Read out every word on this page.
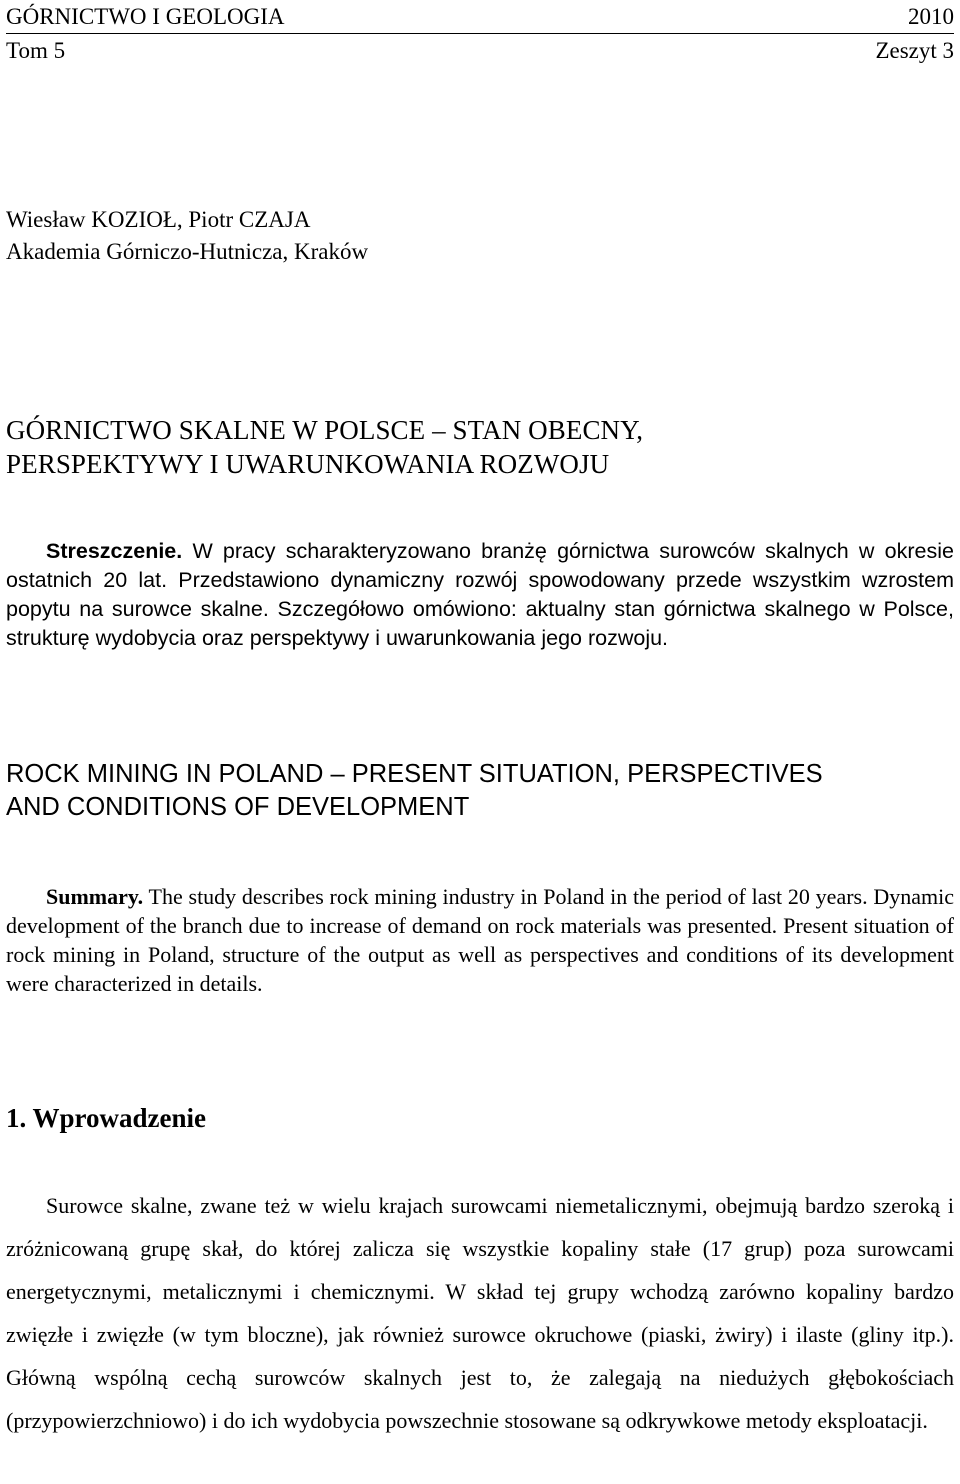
GÓRNICTWO I GEOLOGIA	2010
Tom 5	Zeszyt 3
Wiesław KOZIOŁ, Piotr CZAJA
Akademia Górniczo-Hutnicza, Kraków
GÓRNICTWO SKALNE W POLSCE – STAN OBECNY,
PERSPEKTYWY I UWARUNKOWANIA ROZWOJU
Streszczenie. W pracy scharakteryzowano branżę górnictwa surowców skalnych w okresie ostatnich 20 lat. Przedstawiono dynamiczny rozwój spowodowany przede wszystkim wzrostem popytu na surowce skalne. Szczegółowo omówiono: aktualny stan górnictwa skalnego w Polsce, strukturę wydobycia oraz perspektywy i uwarunkowania jego rozwoju.
ROCK MINING IN POLAND – PRESENT SITUATION, PERSPECTIVES
AND CONDITIONS OF DEVELOPMENT
Summary. The study describes rock mining industry in Poland in the period of last 20 years. Dynamic development of the branch due to increase of demand on rock materials was presented. Present situation of rock mining in Poland, structure of the output as well as perspectives and conditions of its development were characterized in details.
1. Wprowadzenie
Surowce skalne, zwane też w wielu krajach surowcami niemetalicznymi, obejmują bardzo szeroką i zróżnicowaną grupę skał, do której zalicza się wszystkie kopaliny stałe (17 grup) poza surowcami energetycznymi, metalicznymi i chemicznymi. W skład tej grupy wchodzą zarówno kopaliny bardzo zwięzłe i zwięzłe (w tym bloczne), jak również surowce okruchowe (piaski, żwiry) i ilaste (gliny itp.). Główną wspólną cechą surowców skalnych jest to, że zalegają na niedużych głębokościach (przypowierzchniowo) i do ich wydobycia powszechnie stosowane są odkrywkowe metody eksploatacji.
